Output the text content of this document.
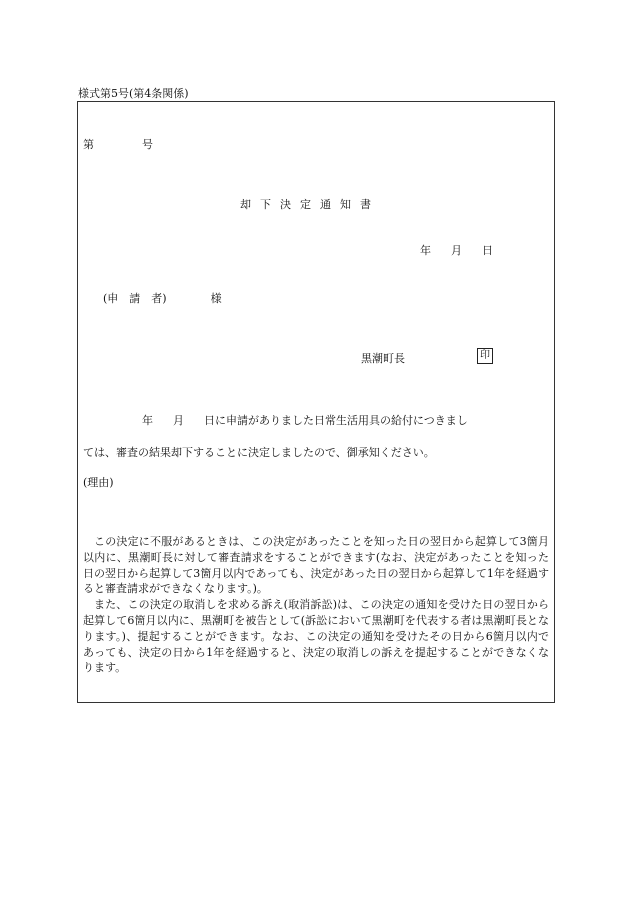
様式第5号(第4条関係)
第	号
却下決定通知書
年 月 日
(申　請　者)	様
黒潮町長	印
年 月 日に申請がありました日常生活用具の給付につきまし
ては、審査の結果却下することに決定しましたので、御承知ください。
(理由)

この決定に不服があるときは、この決定があったことを知った日の翌日から起算して3箇月以内に、黒潮町長に対して審査請求をすることができます(なお、決定があったことを知った日の翌日から起算して3箇月以内であっても、決定があった日の翌日から起算して1年を経過すると審査請求ができなくなります。)。

また、この決定の取消しを求める訴え(取消訴訟)は、この決定の通知を受けた日の翌日から起算して6箇月以内に、黒潮町を被告として(訴訟において黒潮町を代表する者は黒潮町長となります。)、提起することができます。なお、この決定の通知を受けたその日から6箇月以内であっても、決定の日から1年を経過すると、決定の取消しの訴えを提起することができなくなります。
